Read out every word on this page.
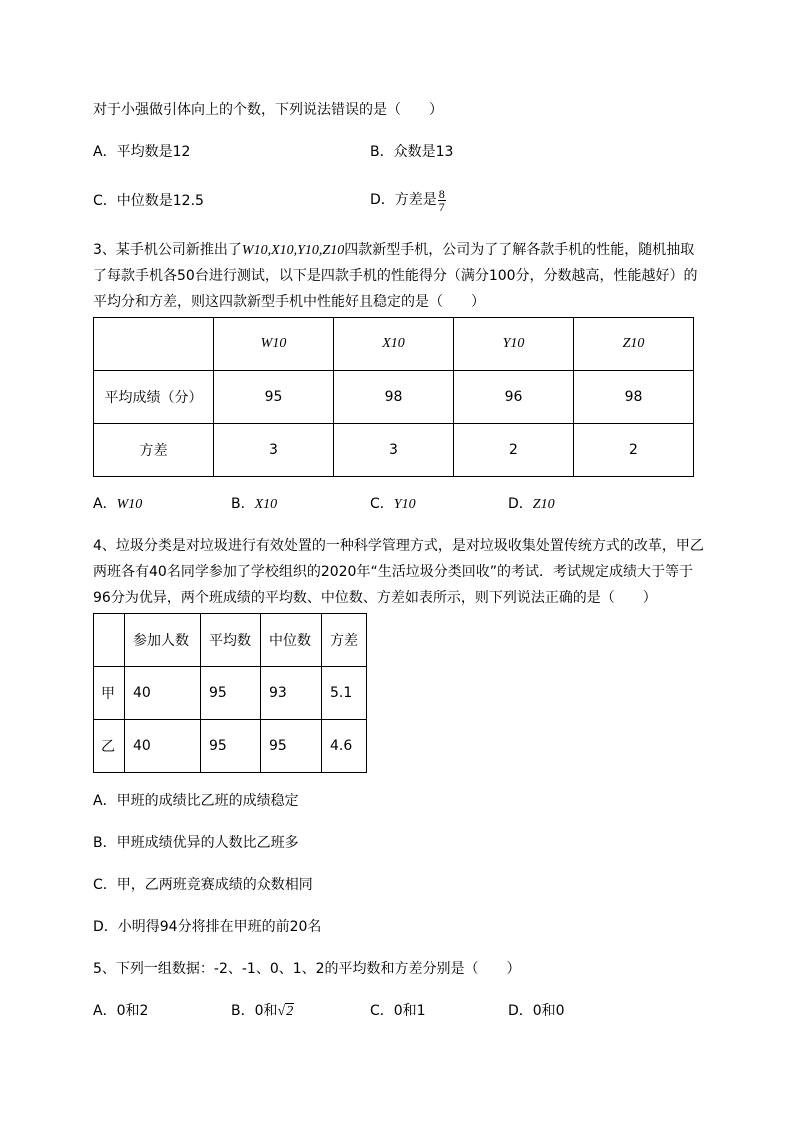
对于小强做引体向上的个数，下列说法错误的是（　　）
A．平均数是12	B．众数是13
C．中位数是12.5	D．方差是 $\frac{8}{7}$
3、某手机公司新推出了W10,X10,Y10,Z10四款新型手机，公司为了了解各款手机的性能，随机抽取
了每款手机各50台进行测试，以下是四款手机的性能得分（满分100分，分数越高，性能越好）的
平均分和方差，则这四款新型手机中性能好且稳定的是（　　）
	W10	X10	Y10	Z10
平均成绩（分）	95	98	96	98
方差	3	3	2	2
A．W10	B．X10	C．Y10	D．Z10
4、垃圾分类是对垃圾进行有效处置的一种科学管理方式，是对垃圾收集处置传统方式的改革，甲乙
两班各有40名同学参加了学校组织的2020年“生活垃圾分类回收”的考试．考试规定成绩大于等于
96分为优异，两个班成绩的平均数、中位数、方差如表所示，则下列说法正确的是（　　）
	参加人数	平均数	中位数	方差
甲	40	95	93	5.1
乙	40	95	95	4.6
A．甲班的成绩比乙班的成绩稳定
B．甲班成绩优异的人数比乙班多
C．甲，乙两班竞赛成绩的众数相同
D．小明得94分将排在甲班的前20名
5、下列一组数据：-2、-1、0、1、2的平均数和方差分别是（　　）
A．0和2	B．0和√2	C．0和1	D．0和0
